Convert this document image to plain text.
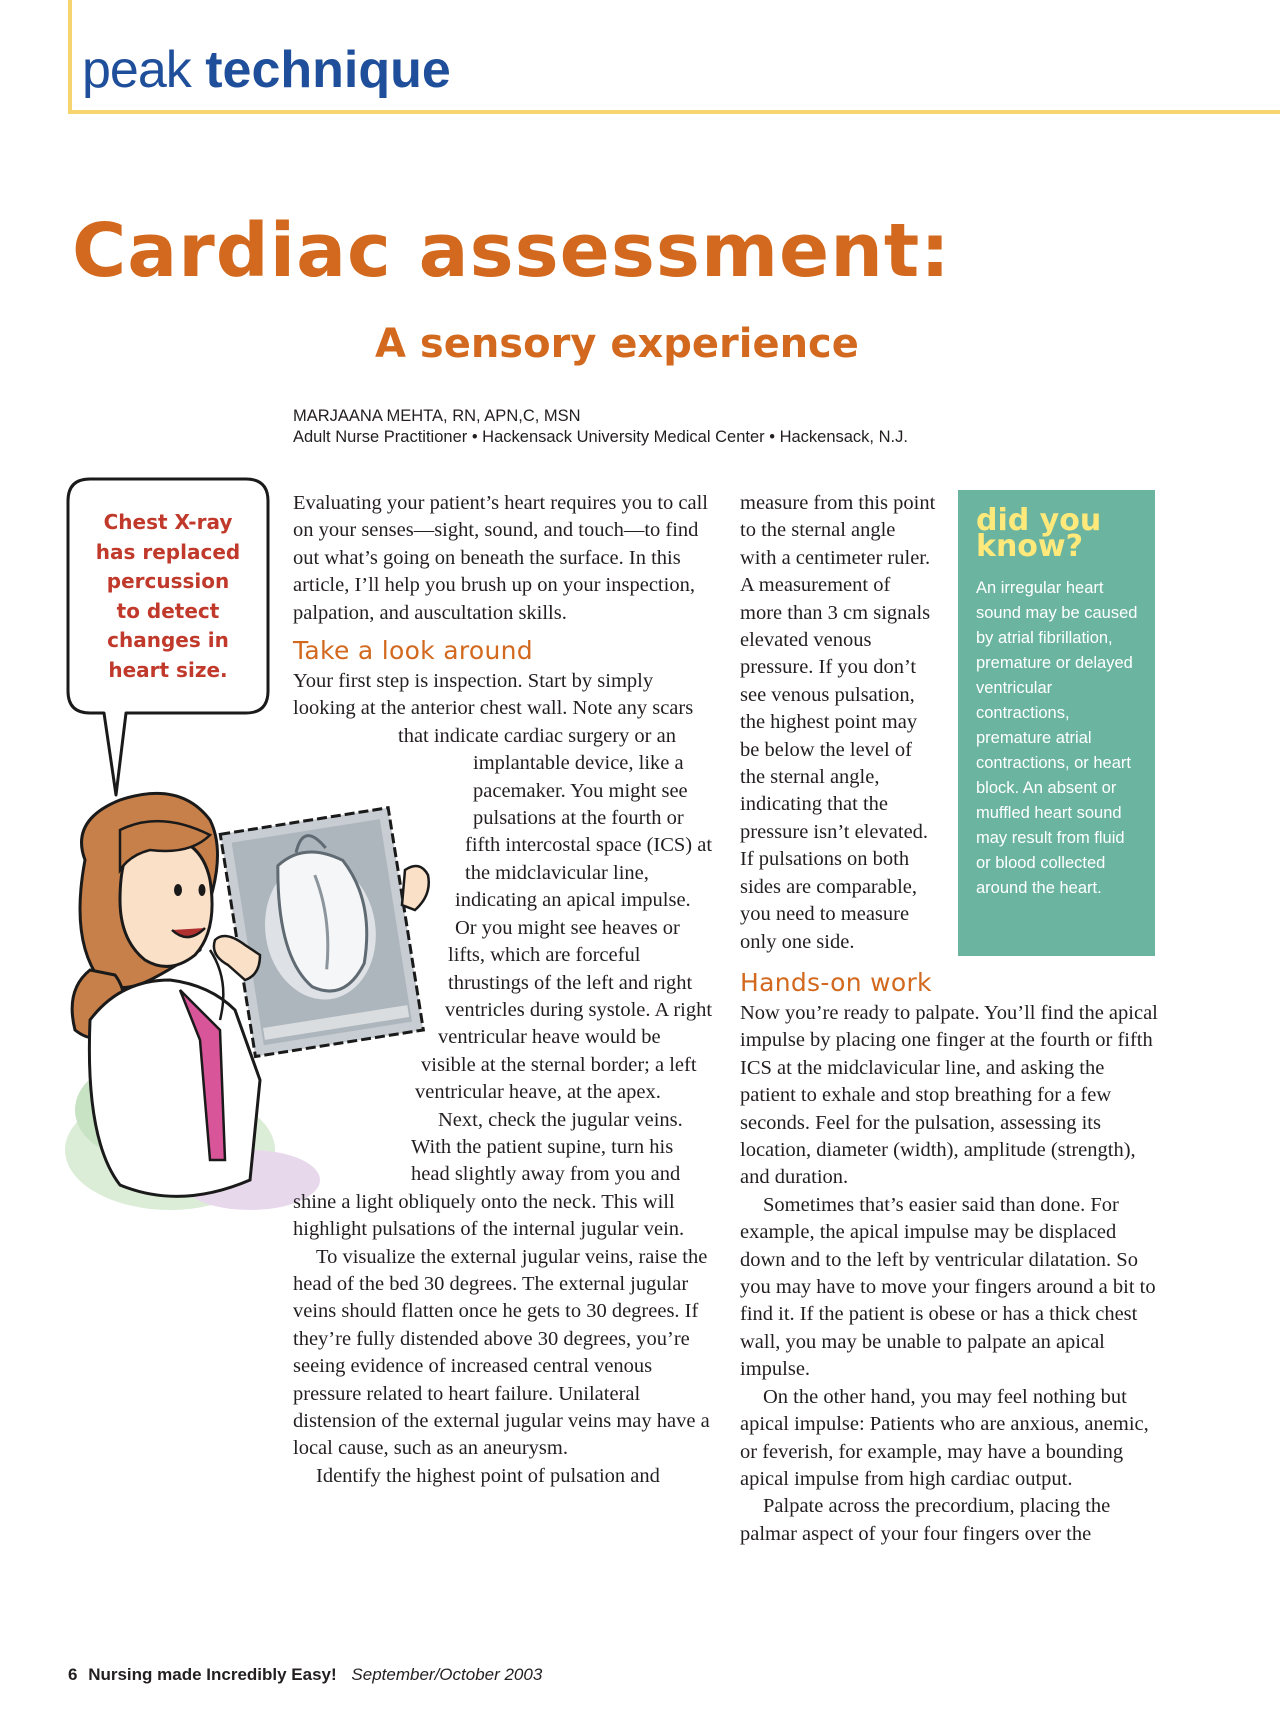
peak technique
Cardiac assessment:
A sensory experience
MARJAANA MEHTA, RN, APN,C, MSN
Adult Nurse Practitioner • Hackensack University Medical Center • Hackensack, N.J.
Chest X-ray
has replaced
percussion
to detect
changes in
heart size.

Evaluating your patient’s heart requires you to call on your senses—sight, sound, and touch—to find out what’s going on beneath the surface. In this article, I’ll help you brush up on your inspection, palpation, and auscultation skills.

Take a look around

Your first step is inspection. Start by simply looking at the anterior chest wall. Note any scars that indicate cardiac surgery or an implantable device, like a pacemaker. You might see pulsations at the fourth or fifth intercostal space (ICS) at the midclavicular line, indicating an apical impulse. Or you might see heaves or lifts, which are forceful thrustings of the left and right ventricles during systole. A right ventricular heave would be visible at the sternal border; a left ventricular heave, at the apex.

Next, check the jugular veins. With the patient supine, turn his head slightly away from you and shine a light obliquely onto the neck. This will highlight pulsations of the internal jugular vein.

To visualize the external jugular veins, raise the head of the bed 30 degrees. The external jugular veins should flatten once he gets to 30 degrees. If they’re fully distended above 30 degrees, you’re seeing evidence of increased central venous pressure related to heart failure. Unilateral distension of the external jugular veins may have a local cause, such as an aneurysm.

Identify the highest point of pulsation and

measure from this point to the sternal angle with a centimeter ruler. A measurement of more than 3 cm signals elevated venous pressure. If you don’t see venous pulsation, the highest point may be below the level of the sternal angle, indicating that the pressure isn’t elevated. If pulsations on both sides are comparable, you need to measure only one side.

Hands-on work

Now you’re ready to palpate. You’ll find the apical impulse by placing one finger at the fourth or fifth ICS at the midclavicular line, and asking the patient to exhale and stop breathing for a few seconds. Feel for the pulsation, assessing its location, diameter (width), amplitude (strength), and duration.

Sometimes that’s easier said than done. For example, the apical impulse may be displaced down and to the left by ventricular dilatation. So you may have to move your fingers around a bit to find it. If the patient is obese or has a thick chest wall, you may be unable to palpate an apical impulse.

On the other hand, you may feel nothing but apical impulse: Patients who are anxious, anemic, or feverish, for example, may have a bounding apical impulse from high cardiac output.

Palpate across the precordium, placing the palmar aspect of your four fingers over the

did you
know?
An irregular heart sound may be caused by atrial fibrillation, premature or delayed ventricular contractions, premature atrial contractions, or heart block. An absent or muffled heart sound may result from fluid or blood collected around the heart.
6 Nursing made Incredibly Easy! September/October 2003
